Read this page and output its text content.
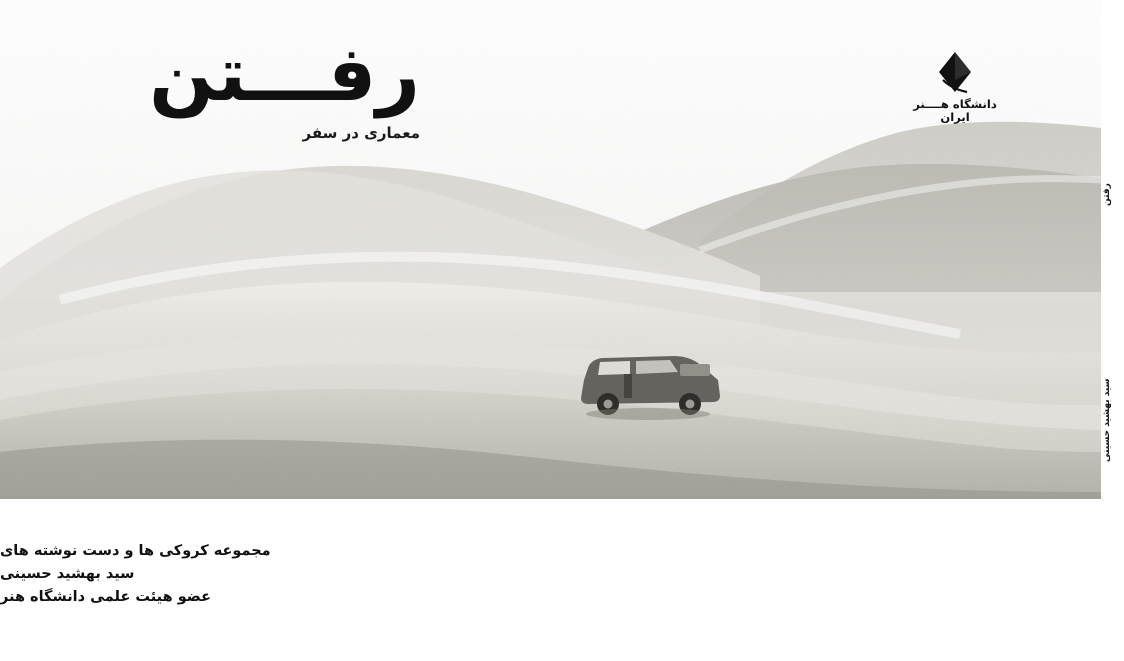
رفتن
سید بهشید حسینی
رفـــتن
معماری در سفر
دانشگاه هــــنر ایران
مجموعه کروکی ها و دست نوشته های
سید بهشید حسینی
عضو هیئت علمی دانشگاه هنر
